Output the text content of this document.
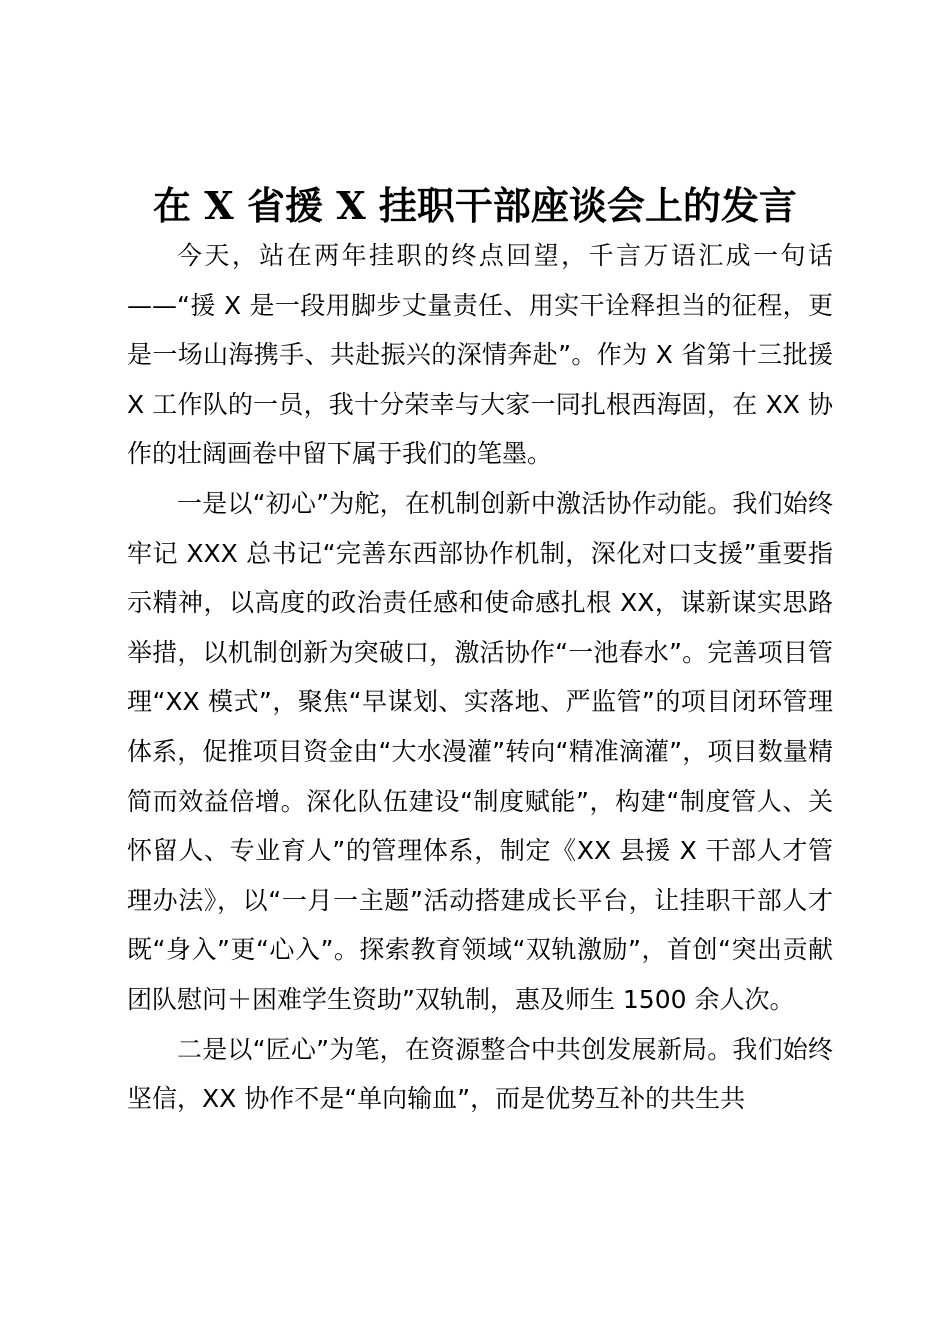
在 X 省援 X 挂职干部座谈会上的发言

今天，站在两年挂职的终点回望，千言万语汇成一句话——“援 X 是一段用脚步丈量责任、用实干诠释担当的征程，更是一场山海携手、共赴振兴的深情奔赴”。作为 X 省第十三批援 X 工作队的一员，我十分荣幸与大家一同扎根西海固，在 XX 协作的壮阔画卷中留下属于我们的笔墨。

一是以“初心”为舵，在机制创新中激活协作动能。我们始终牢记 XXX 总书记“完善东西部协作机制，深化对口支援”重要指示精神，以高度的政治责任感和使命感扎根 XX，谋新谋实思路举措，以机制创新为突破口，激活协作“一池春水”。完善项目管理“XX 模式”，聚焦“早谋划、实落地、严监管”的项目闭环管理体系，促推项目资金由“大水漫灌”转向“精准滴灌”，项目数量精简而效益倍增。深化队伍建设“制度赋能”，构建“制度管人、关怀留人、专业育人”的管理体系，制定《XX 县援 X 干部人才管理办法》，以“一月一主题”活动搭建成长平台，让挂职干部人才既“身入”更“心入”。探索教育领域“双轨激励”，首创“突出贡献团队慰问＋困难学生资助”双轨制，惠及师生 1500 余人次。

二是以“匠心”为笔，在资源整合中共创发展新局。我们始终坚信，XX 协作不是“单向输血”，而是优势互补的共生共
